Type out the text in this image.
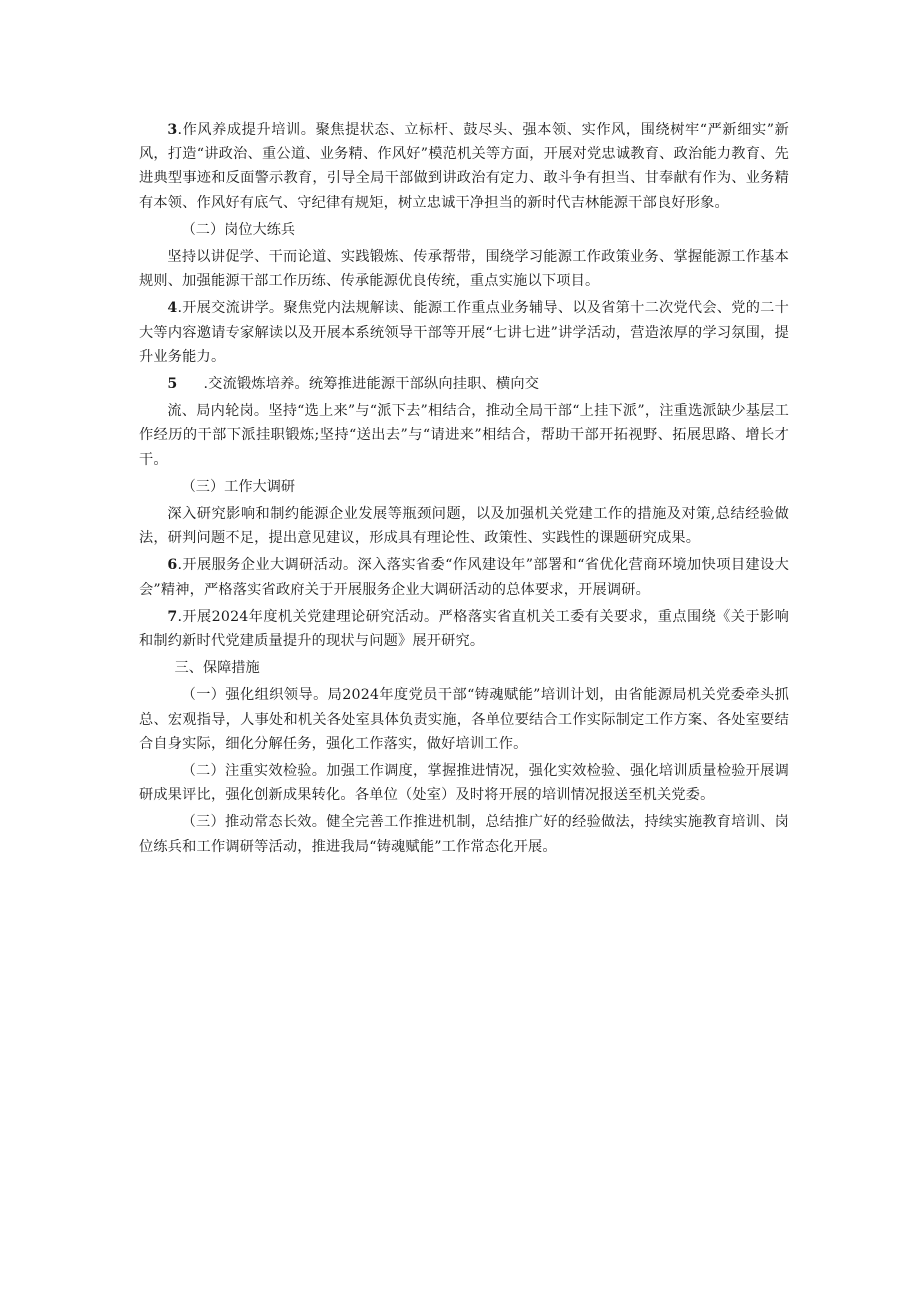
3.作风养成提升培训。聚焦提状态、立标杆、鼓尽头、强本领、实作风，围绕树牢“严新细实”新风，打造“讲政治、重公道、业务精、作风好”模范机关等方面，开展对党忠诚教育、政治能力教育、先进典型事迹和反面警示教育，引导全局干部做到讲政治有定力、敢斗争有担当、甘奉献有作为、业务精有本领、作风好有底气、守纪律有规矩，树立忠诚干净担当的新时代吉林能源干部良好形象。

（二）岗位大练兵

坚持以讲促学、干而论道、实践锻炼、传承帮带，围绕学习能源工作政策业务、掌握能源工作基本规则、加强能源干部工作历练、传承能源优良传统，重点实施以下项目。

4.开展交流讲学。聚焦党内法规解读、能源工作重点业务辅导、以及省第十二次党代会、党的二十大等内容邀请专家解读以及开展本系统领导干部等开展“七讲七进”讲学活动，营造浓厚的学习氛围，提升业务能力。

5 .交流锻炼培养。统筹推进能源干部纵向挂职、横向交

流、局内轮岗。坚持“选上来”与“派下去”相结合，推动全局干部“上挂下派”，注重选派缺少基层工作经历的干部下派挂职锻炼;坚持“送出去”与“请进来”相结合，帮助干部开拓视野、拓展思路、增长才干。

（三）工作大调研

深入研究影响和制约能源企业发展等瓶颈问题，以及加强机关党建工作的措施及对策,总结经验做法，研判问题不足，提出意见建议，形成具有理论性、政策性、实践性的课题研究成果。

6.开展服务企业大调研活动。深入落实省委“作风建设年”部署和“省优化营商环境加快项目建设大会”精神，严格落实省政府关于开展服务企业大调研活动的总体要求，开展调研。

7.开展2024年度机关党建理论研究活动。严格落实省直机关工委有关要求，重点围绕《关于影响和制约新时代党建质量提升的现状与问题》展开研究。

三、保障措施

（一）强化组织领导。局2024年度党员干部“铸魂赋能”培训计划，由省能源局机关党委牵头抓总、宏观指导，人事处和机关各处室具体负责实施，各单位要结合工作实际制定工作方案、各处室要结合自身实际，细化分解任务，强化工作落实，做好培训工作。

（二）注重实效检验。加强工作调度，掌握推进情况，强化实效检验、强化培训质量检验开展调研成果评比，强化创新成果转化。各单位（处室）及时将开展的培训情况报送至机关党委。

（三）推动常态长效。健全完善工作推进机制，总结推广好的经验做法，持续实施教育培训、岗位练兵和工作调研等活动，推进我局“铸魂赋能”工作常态化开展。
